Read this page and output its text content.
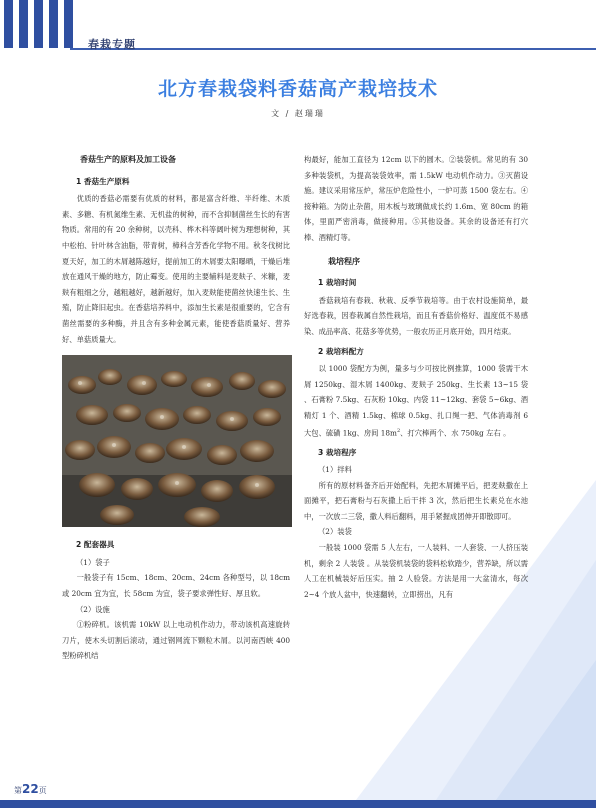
春栽专题
北方春栽袋料香菇高产栽培技术
文 / 赵瑞瑞
香菇生产的原料及加工设备
1 香菇生产原料

优质的香菇必需要有优质的材料，都是富含纤维、半纤维、木质素、多糖、有机氮维生素、无机盐的树种，而不含抑制菌丝生长的有害物质。常用的有 20 余种树，以壳科、桦木科等阔叶树为理想树种，其中松柏、针叶林含油脂，带青树，樟科含芳香化学物不用。秋冬伐树比夏天好，加工的木屑越陈越好，提前加工的木屑要太阳曝晒，干燥后堆放在通风干燥的地方，防止霉变。使用的主要辅料是麦麸子、米糠，麦麸有粗细之分，越粗越好，越新越好，加入麦麸能使菌丝快速生长、生殖，防止降旧起虫。在香菇培养料中，添加生长素是很重要的，它含有菌丝需要的多种酶，并且含有多种金属元素，能使香菇质量好、营养好、单菇质量大。

2 配套器具
（1）袋子

一般袋子有 15cm、18cm、20cm、24cm 各种型号，以 18cm 或 20cm 宜为宜，长 58cm 为宜，袋子要求弹性好、厚且软。

（2）设施

①粉碎机。该机需 10kW 以上电动机作动力，带动该机高速旋转刀片，使木头切割后滚动，通过钢网流下颗粒木屑。以河南西峡 400 型粉碎机结

构最好，能加工直径为 12cm 以下的圆木。②装袋机。常见的有 30 多种装袋机，为提高装袋效率，需 1.5kW 电动机作动力。③灭菌设施。建议采用常压炉，常压炉危险性小，一炉可蒸 1500 袋左右。④接种箱。为防止杂菌，用木板与玻璃做成长约 1.6m、宽 80cm 的箱体，里面严密消毒，做接种用。⑤其他设备。其余的设备还有打穴棒、酒精灯等。

栽培程序
1 栽培时间

香菇栽培有春栽、秋栽、反季节栽培等。由于农村设施简单，最好选春栽，因春栽属自然性栽培，而且有香菇价格好、温度低不易感染、成品率高、花菇多等优势，一般农历正月底开始，四月结束。

2 栽培料配方

以 1000 袋配方为例，量多与少可按比例推算，1000 袋需干木屑 1250kg、湿木屑 1400kg、麦麸子 250kg、生长素 13~15 袋 、石膏粉 7.5kg、石灰粉 10kg、内袋 11~12kg、套袋 5~6kg、酒精灯 1 个、酒精 1.5kg、棉球 0.5kg、扎口绳一把、气体消毒剂 6 大包、硫磺 1kg、房间 $18m^2$、打穴棒两个、水 750kg 左右 。

3 栽培程序
（1）拌料

所有的原材料备齐后开始配料，先把木屑摊平后，把麦麸撒在上面摊平，把石膏粉与石灰撒上后干拌 3 次，然后把生长素兑在水池中，一次放二三袋，撒人料后翻料，用手紧握成团伸开即散即可。

（2）装袋

一般装 1000 袋需 5 人左右，一人装料、一人套袋、一人挤压装机，剩余 2 人装袋 。从装袋机装袋的袋料松软踏少，营养缺，所以需人工在机械装好后压实。抽 2 人验袋。方法是用一大盆清水，每次 2~4 个放人盆中，快速翻转，立即捞出，凡有

第22页
